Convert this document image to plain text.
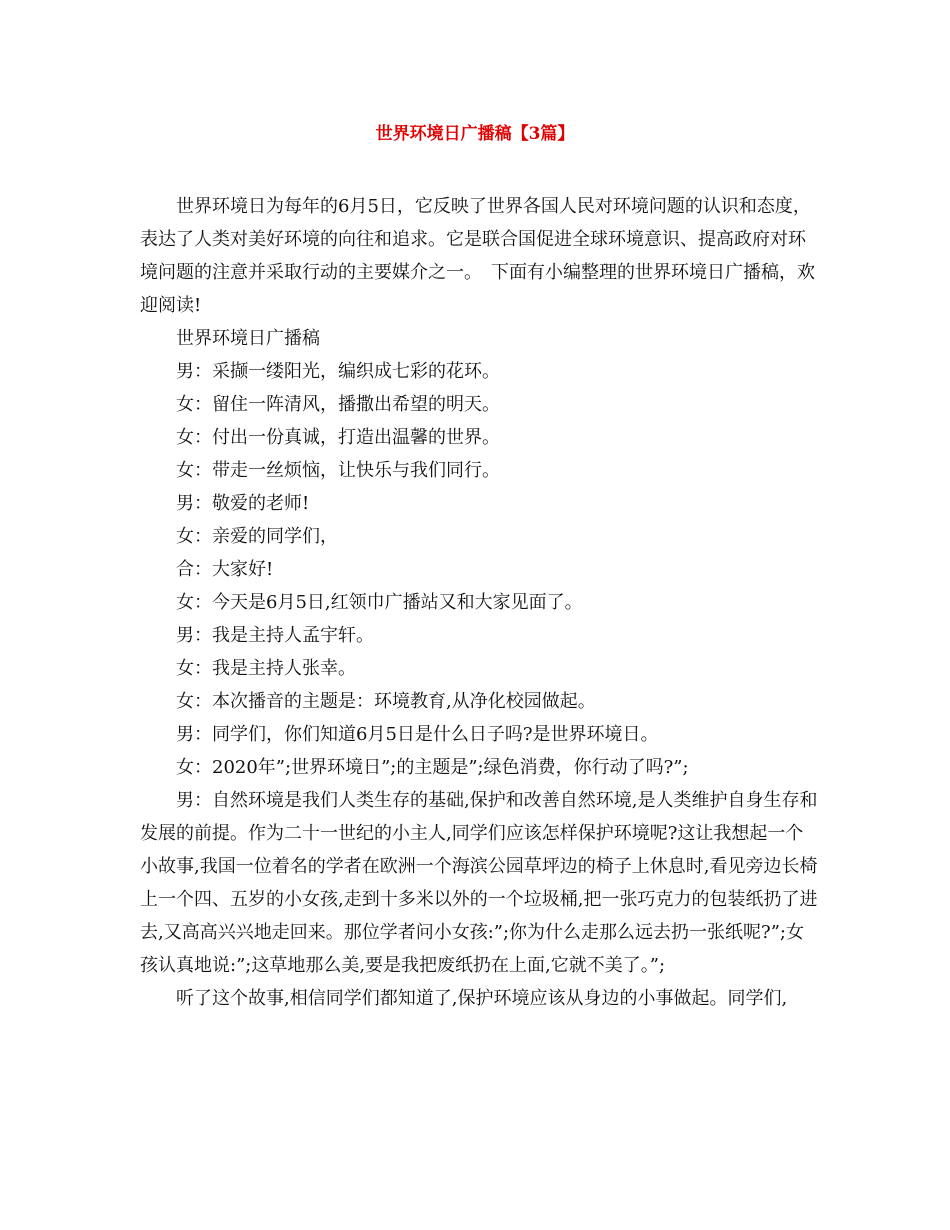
世界环境日广播稿【3篇】

世界环境日为每年的6月5日，它反映了世界各国人民对环境问题的认识和态度，表达了人类对美好环境的向往和追求。它是联合国促进全球环境意识、提高政府对环境问题的注意并采取行动的主要媒介之一。　下面有小编整理的世界环境日广播稿，欢迎阅读!

世界环境日广播稿

男：采撷一缕阳光，编织成七彩的花环。

女：留住一阵清风，播撒出希望的明天。

女：付出一份真诚，打造出温馨的世界。

女：带走一丝烦恼，让快乐与我们同行。

男：敬爱的老师!

女：亲爱的同学们，

合：大家好!

女：今天是6月5日,红领巾广播站又和大家见面了。

男：我是主持人孟宇轩。

女：我是主持人张幸。

女：本次播音的主题是：环境教育,从净化校园做起。

男：同学们，你们知道6月5日是什么日子吗?是世界环境日。

女：2020年”;世界环境日”;的主题是”;绿色消费，你行动了吗?”;

男：自然环境是我们人类生存的基础,保护和改善自然环境,是人类维护自身生存和发展的前提。作为二十一世纪的小主人,同学们应该怎样保护环境呢?这让我想起一个小故事,我国一位着名的学者在欧洲一个海滨公园草坪边的椅子上休息时,看见旁边长椅上一个四、五岁的小女孩,走到十多米以外的一个垃圾桶,把一张巧克力的包装纸扔了进去,又高高兴兴地走回来。那位学者问小女孩:”;你为什么走那么远去扔一张纸呢?”;女孩认真地说:”;这草地那么美,要是我把废纸扔在上面,它就不美了。”;

听了这个故事,相信同学们都知道了,保护环境应该从身边的小事做起。同学们,
